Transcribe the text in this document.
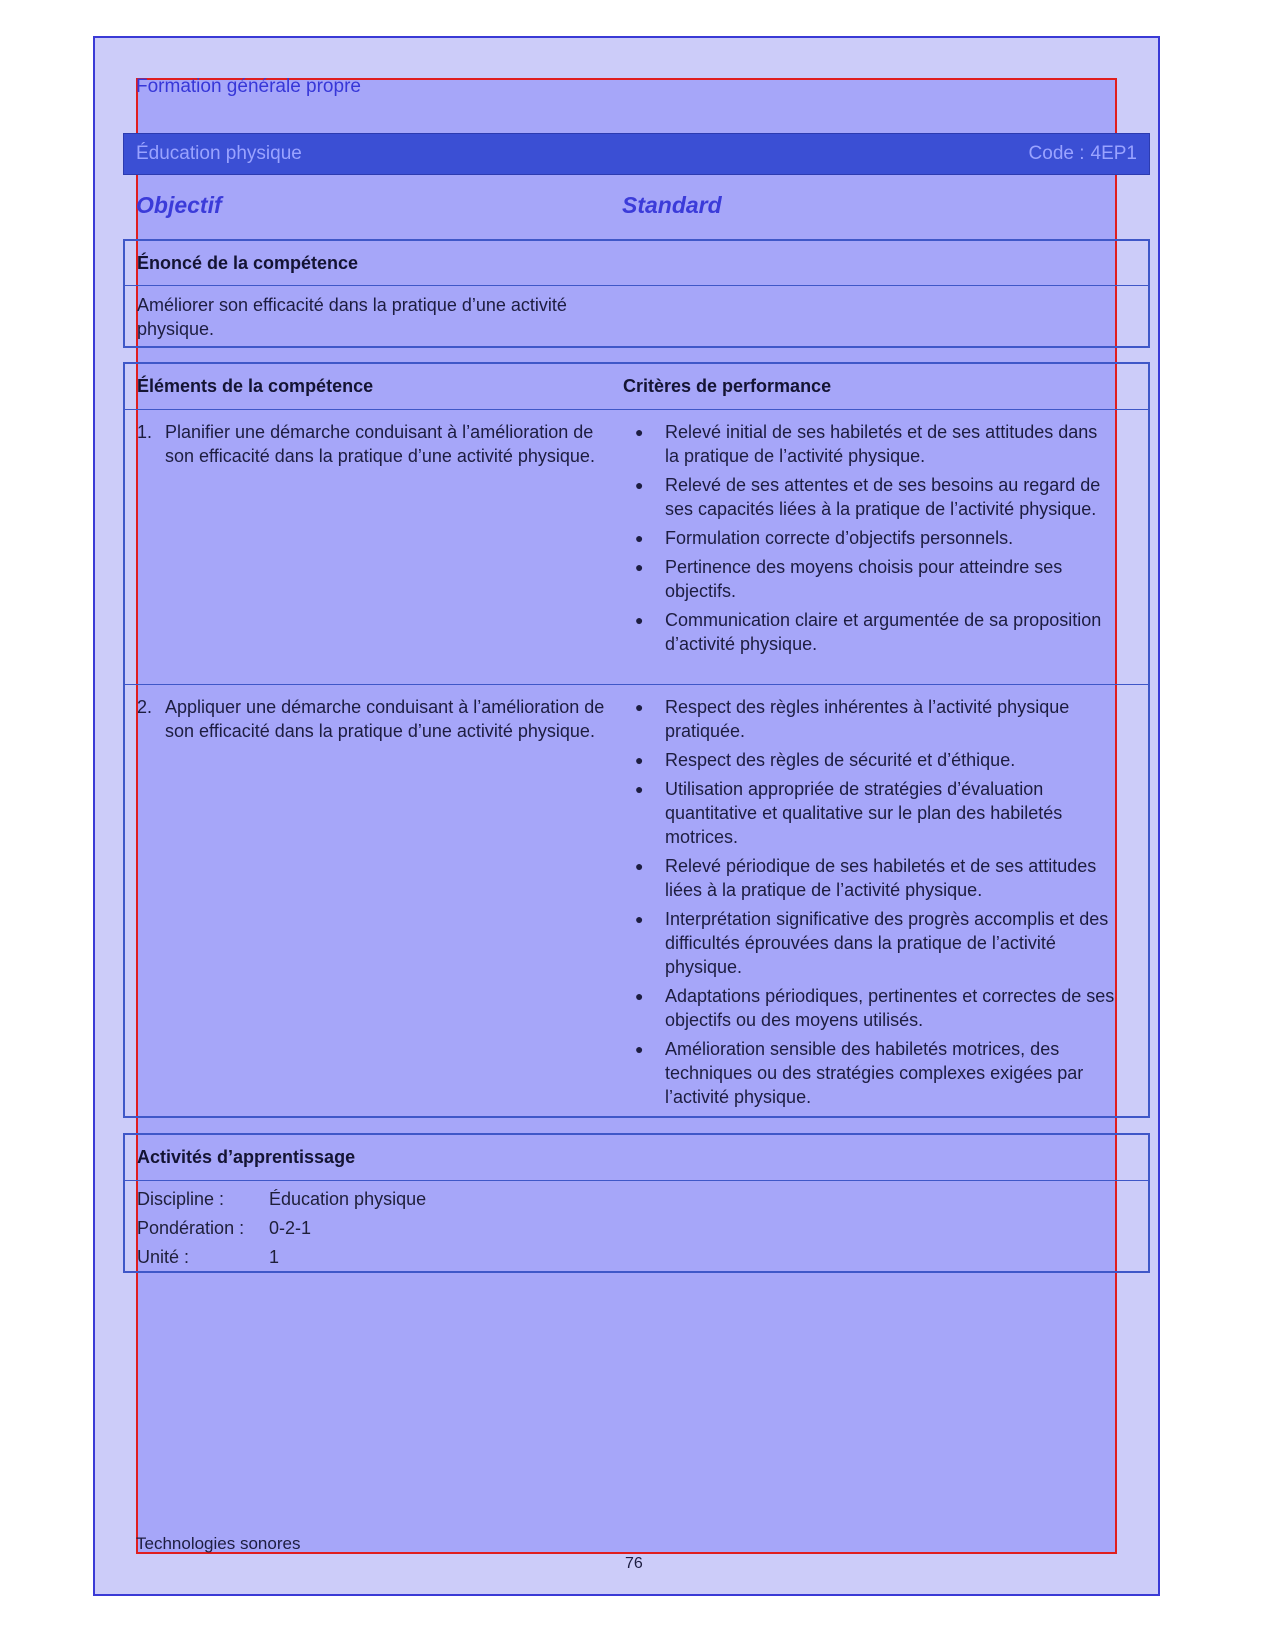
Formation générale propre
Éducation physique	Code : 4EP1
Objectif	Standard
Énoncé de la compétence
Améliorer son efficacité dans la pratique d’une activité physique.
Éléments de la compétence	Critères de performance
1. Planifier une démarche conduisant à l’amélioration de son efficacité dans la pratique d’une activité physique.
●	Relevé initial de ses habiletés et de ses attitudes dans la pratique de l’activité physique.
●	Relevé de ses attentes et de ses besoins au regard de ses capacités liées à la pratique de l’activité physique.
●	Formulation correcte d’objectifs personnels.
●	Pertinence des moyens choisis pour atteindre ses objectifs.
●	Communication claire et argumentée de sa proposition d’activité physique.
2. Appliquer une démarche conduisant à l’amélioration de son efficacité dans la pratique d’une activité physique.
●	Respect des règles inhérentes à l’activité physique pratiquée.
●	Respect des règles de sécurité et d’éthique.
●	Utilisation appropriée de stratégies d’évaluation quantitative et qualitative sur le plan des habiletés motrices.
●	Relevé périodique de ses habiletés et de ses attitudes liées à la pratique de l’activité physique.
●	Interprétation significative des progrès accomplis et des difficultés éprouvées dans la pratique de l’activité physique.
●	Adaptations périodiques, pertinentes et correctes de ses objectifs ou des moyens utilisés.
●	Amélioration sensible des habiletés motrices, des techniques ou des stratégies complexes exigées par l’activité physique.
Activités d’apprentissage
Discipline :	Éducation physique
Pondération :	0-2-1
Unité :	1
Technologies sonores
76
